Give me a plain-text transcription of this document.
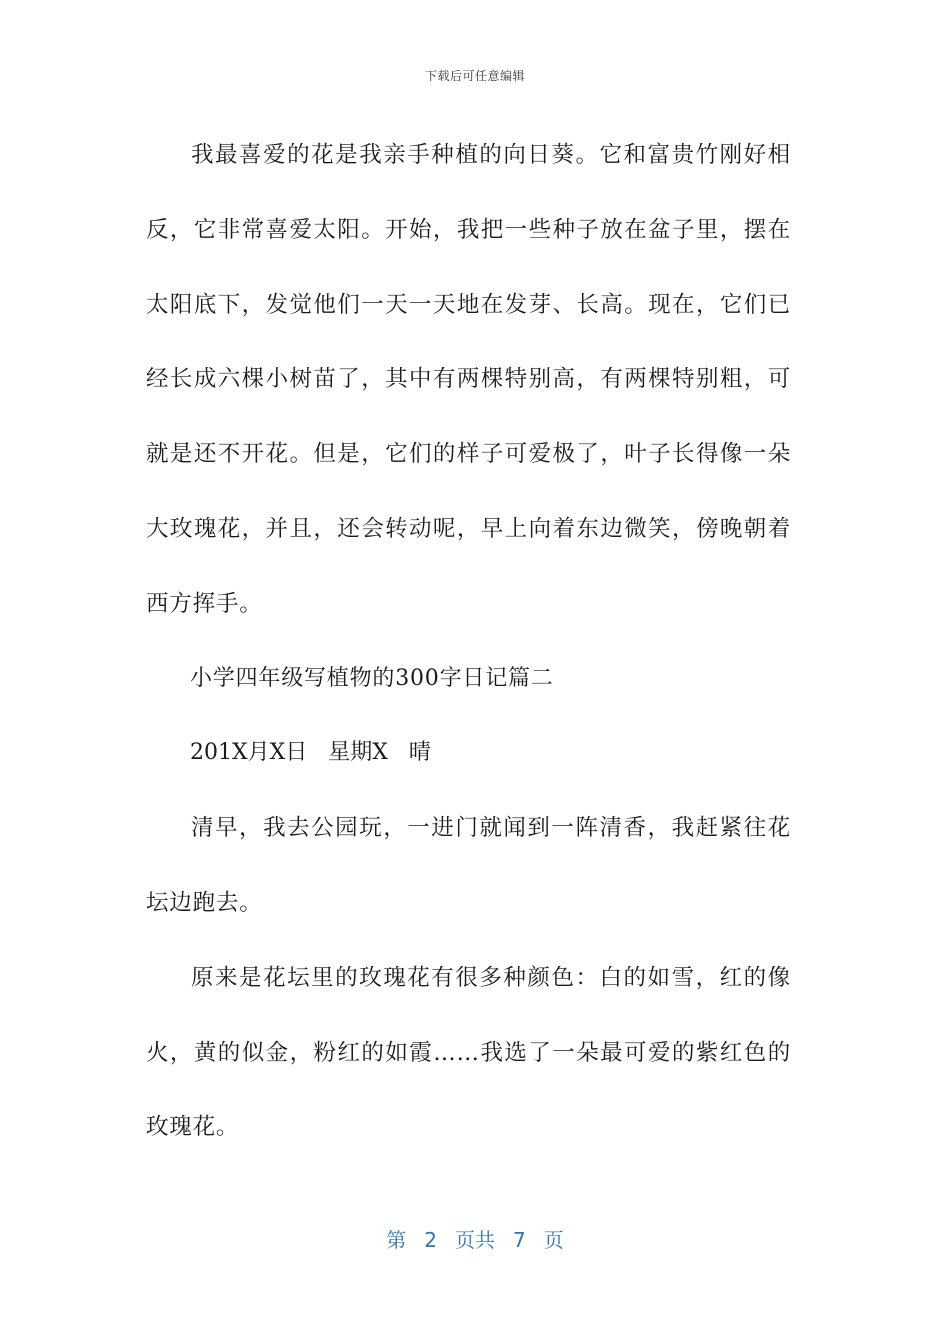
下载后可任意编辑

我最喜爱的花是我亲手种植的向日葵。它和富贵竹刚好相反，它非常喜爱太阳。开始，我把一些种子放在盆子里，摆在太阳底下，发觉他们一天一天地在发芽、长高。现在，它们已经长成六棵小树苗了，其中有两棵特别高，有两棵特别粗，可就是还不开花。但是，它们的样子可爱极了，叶子长得像一朵大玫瑰花，并且，还会转动呢，早上向着东边微笑，傍晚朝着西方挥手。

小学四年级写植物的300字日记篇二

201X月X日   星期X   晴

清早，我去公园玩，一进门就闻到一阵清香，我赶紧往花坛边跑去。

原来是花坛里的玫瑰花有很多种颜色：白的如雪，红的像火，黄的似金，粉红的如霞……我选了一朵最可爱的紫红色的玫瑰花。

第 2 页共 7 页
